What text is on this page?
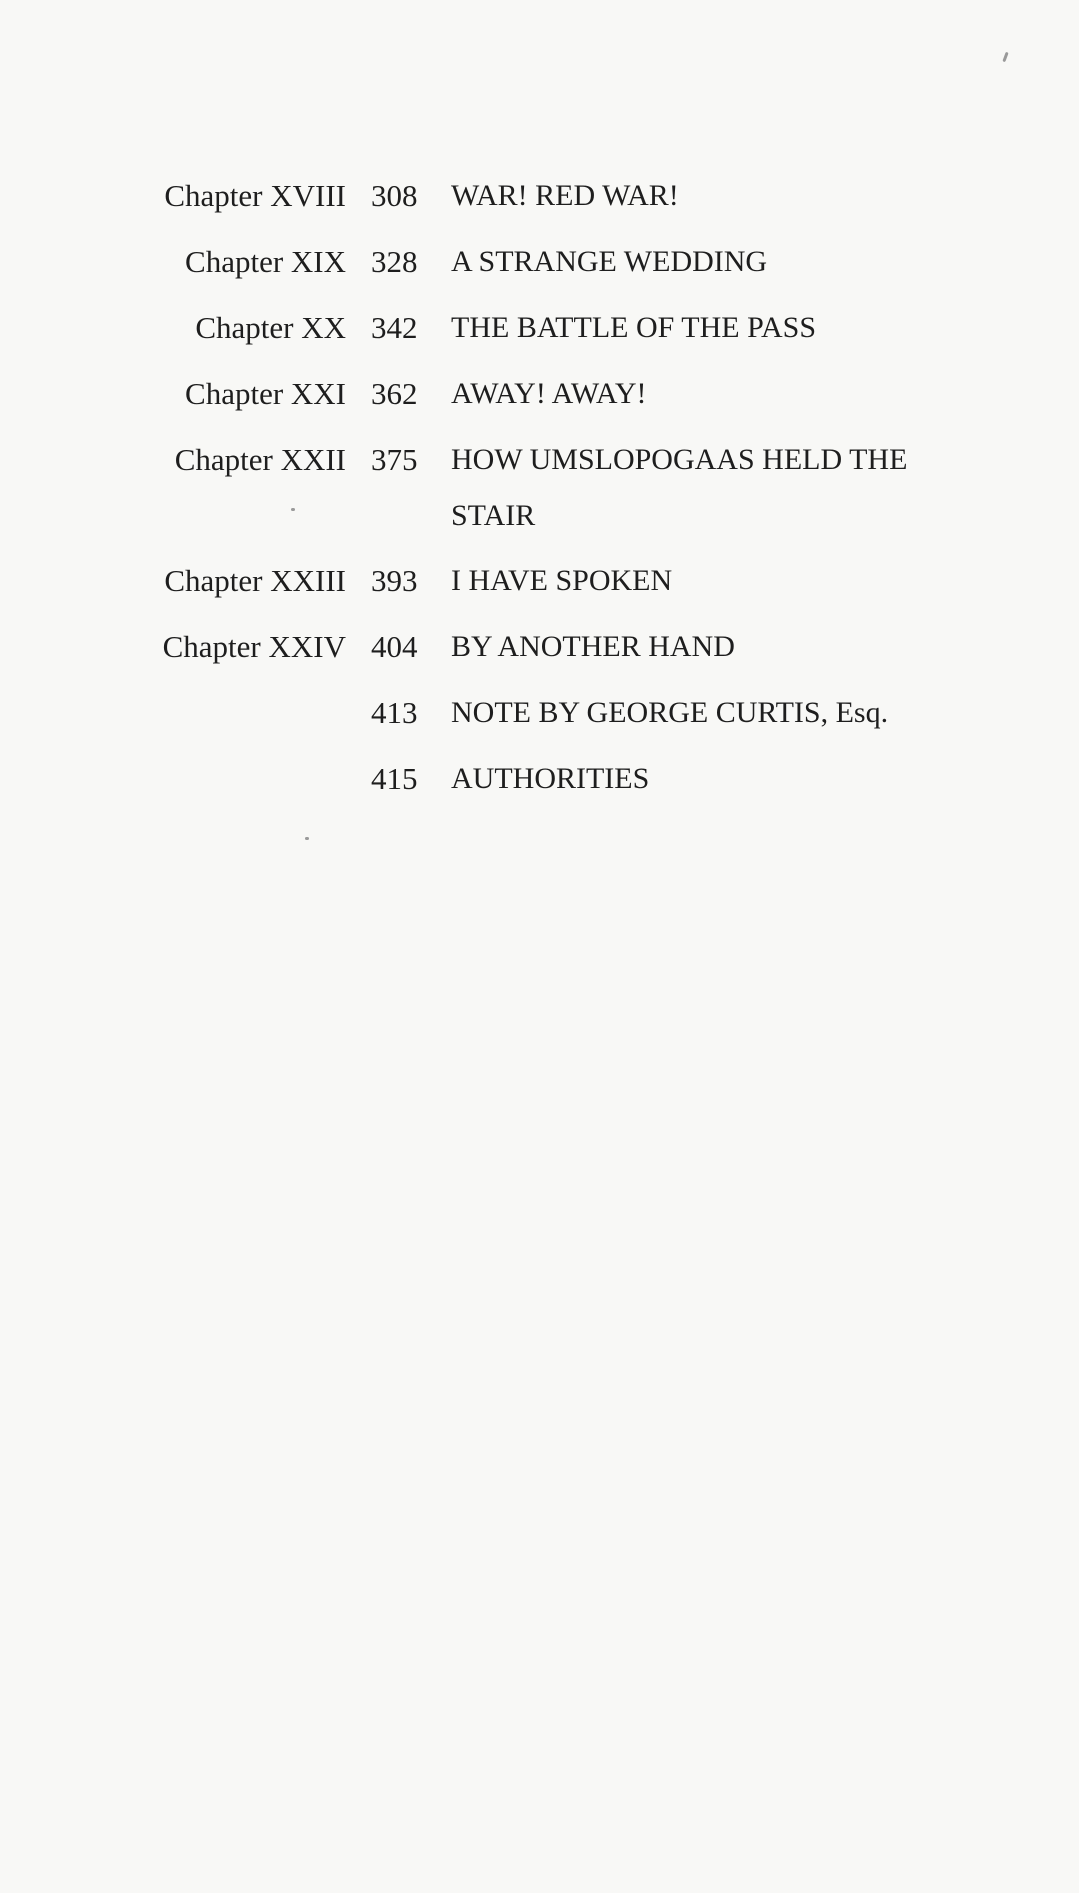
Chapter XVIII 308 WAR! RED WAR!
Chapter XIX 328 A STRANGE WEDDING
Chapter XX 342 THE BATTLE OF THE PASS
Chapter XXI 362 AWAY! AWAY!
Chapter XXII 375 HOW UMSLOPOGAAS HELD THE STAIR
Chapter XXIII 393 I HAVE SPOKEN
Chapter XXIV 404 BY ANOTHER HAND
413 NOTE BY GEORGE CURTIS, Esq.
415 AUTHORITIES
